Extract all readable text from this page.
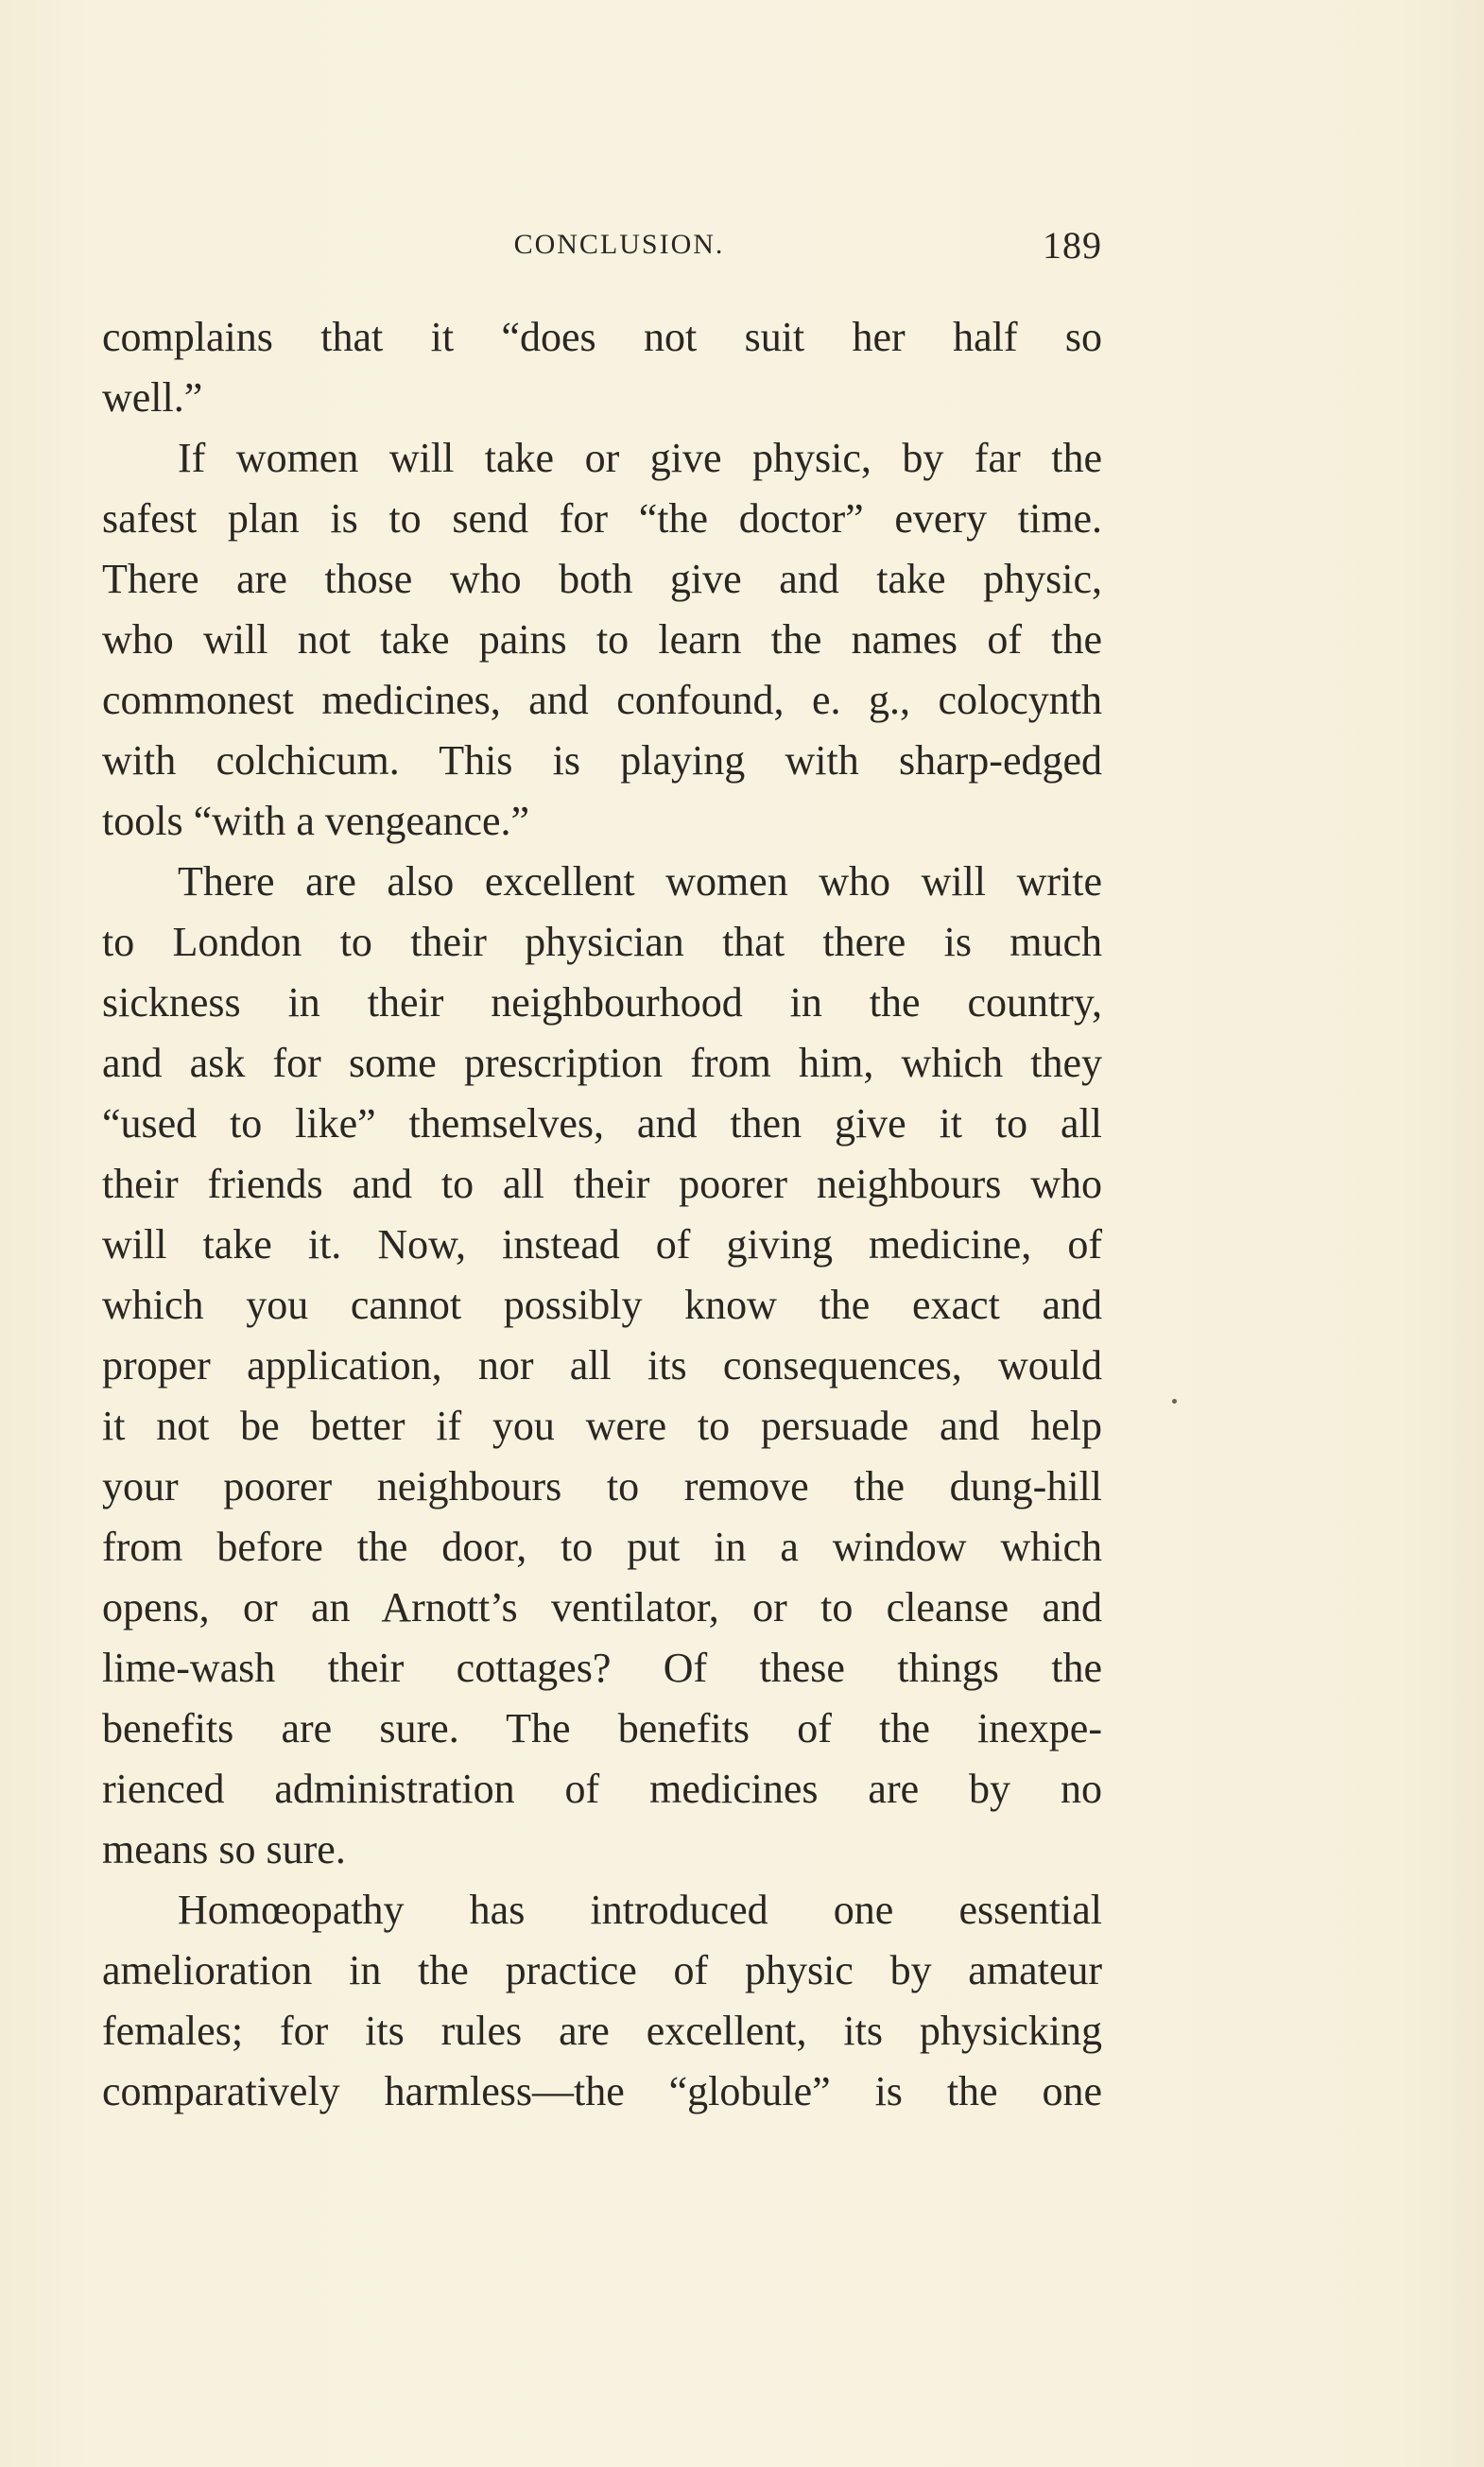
CONCLUSION.	189

complains that it “does not suit her half so
well.”

If women will take or give physic, by far the
safest plan is to send for “the doctor” every time.
There are those who both give and take physic,
who will not take pains to learn the names of the
commonest medicines, and confound, e. g., colocynth
with colchicum. This is playing with sharp-edged
tools “with a vengeance.”

There are also excellent women who will write
to London to their physician that there is much
sickness in their neighbourhood in the country,
and ask for some prescription from him, which they
“used to like” themselves, and then give it to all
their friends and to all their poorer neighbours who
will take it. Now, instead of giving medicine, of
which you cannot possibly know the exact and
proper application, nor all its consequences, would
it not be better if you were to persuade and help
your poorer neighbours to remove the dung-hill
from before the door, to put in a window which
opens, or an Arnott’s ventilator, or to cleanse and
lime-wash their cottages? Of these things the
benefits are sure. The benefits of the inexpe-
rienced administration of medicines are by no
means so sure.

Homœopathy has introduced one essential
amelioration in the practice of physic by amateur
females; for its rules are excellent, its physicking
comparatively harmless—the “globule” is the one
